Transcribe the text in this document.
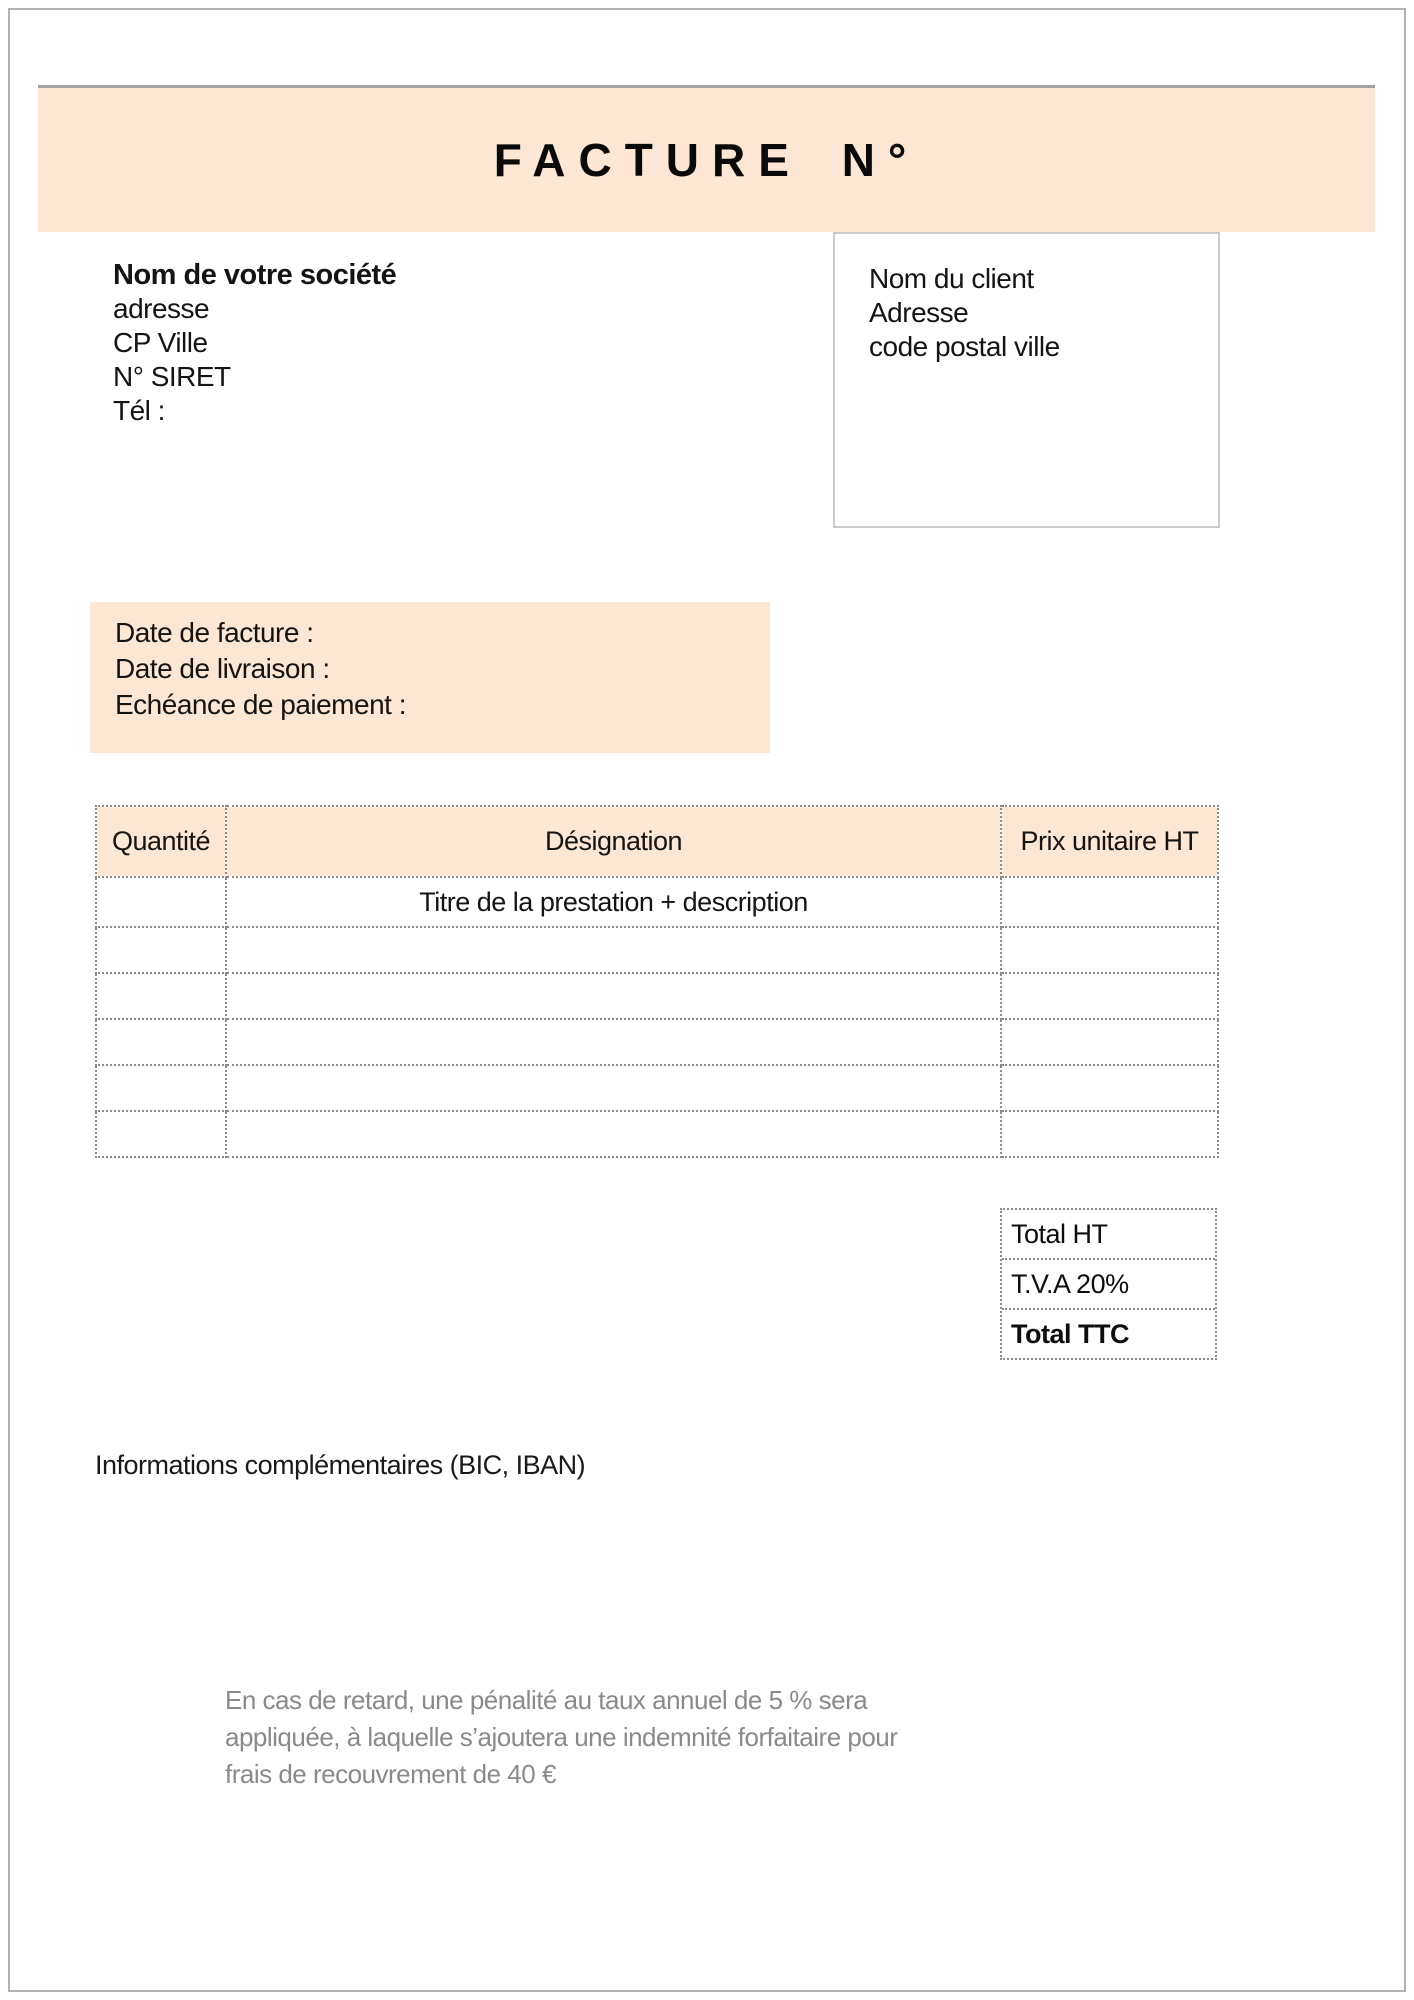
FACTURE N°
Nom de votre société
adresse
CP Ville
N° SIRET
Tél :
Nom du client
Adresse
code postal ville
Date de facture :
Date de livraison :
Echéance de paiement :
Quantité	Désignation	Prix unitaire HT
	Titre de la prestation + description	

Total HT
T.V.A 20%
Total TTC
Informations complémentaires (BIC, IBAN)
En cas de retard, une pénalité au taux annuel de 5 % sera
appliquée, à laquelle s’ajoutera une indemnité forfaitaire pour
frais de recouvrement de 40 €
